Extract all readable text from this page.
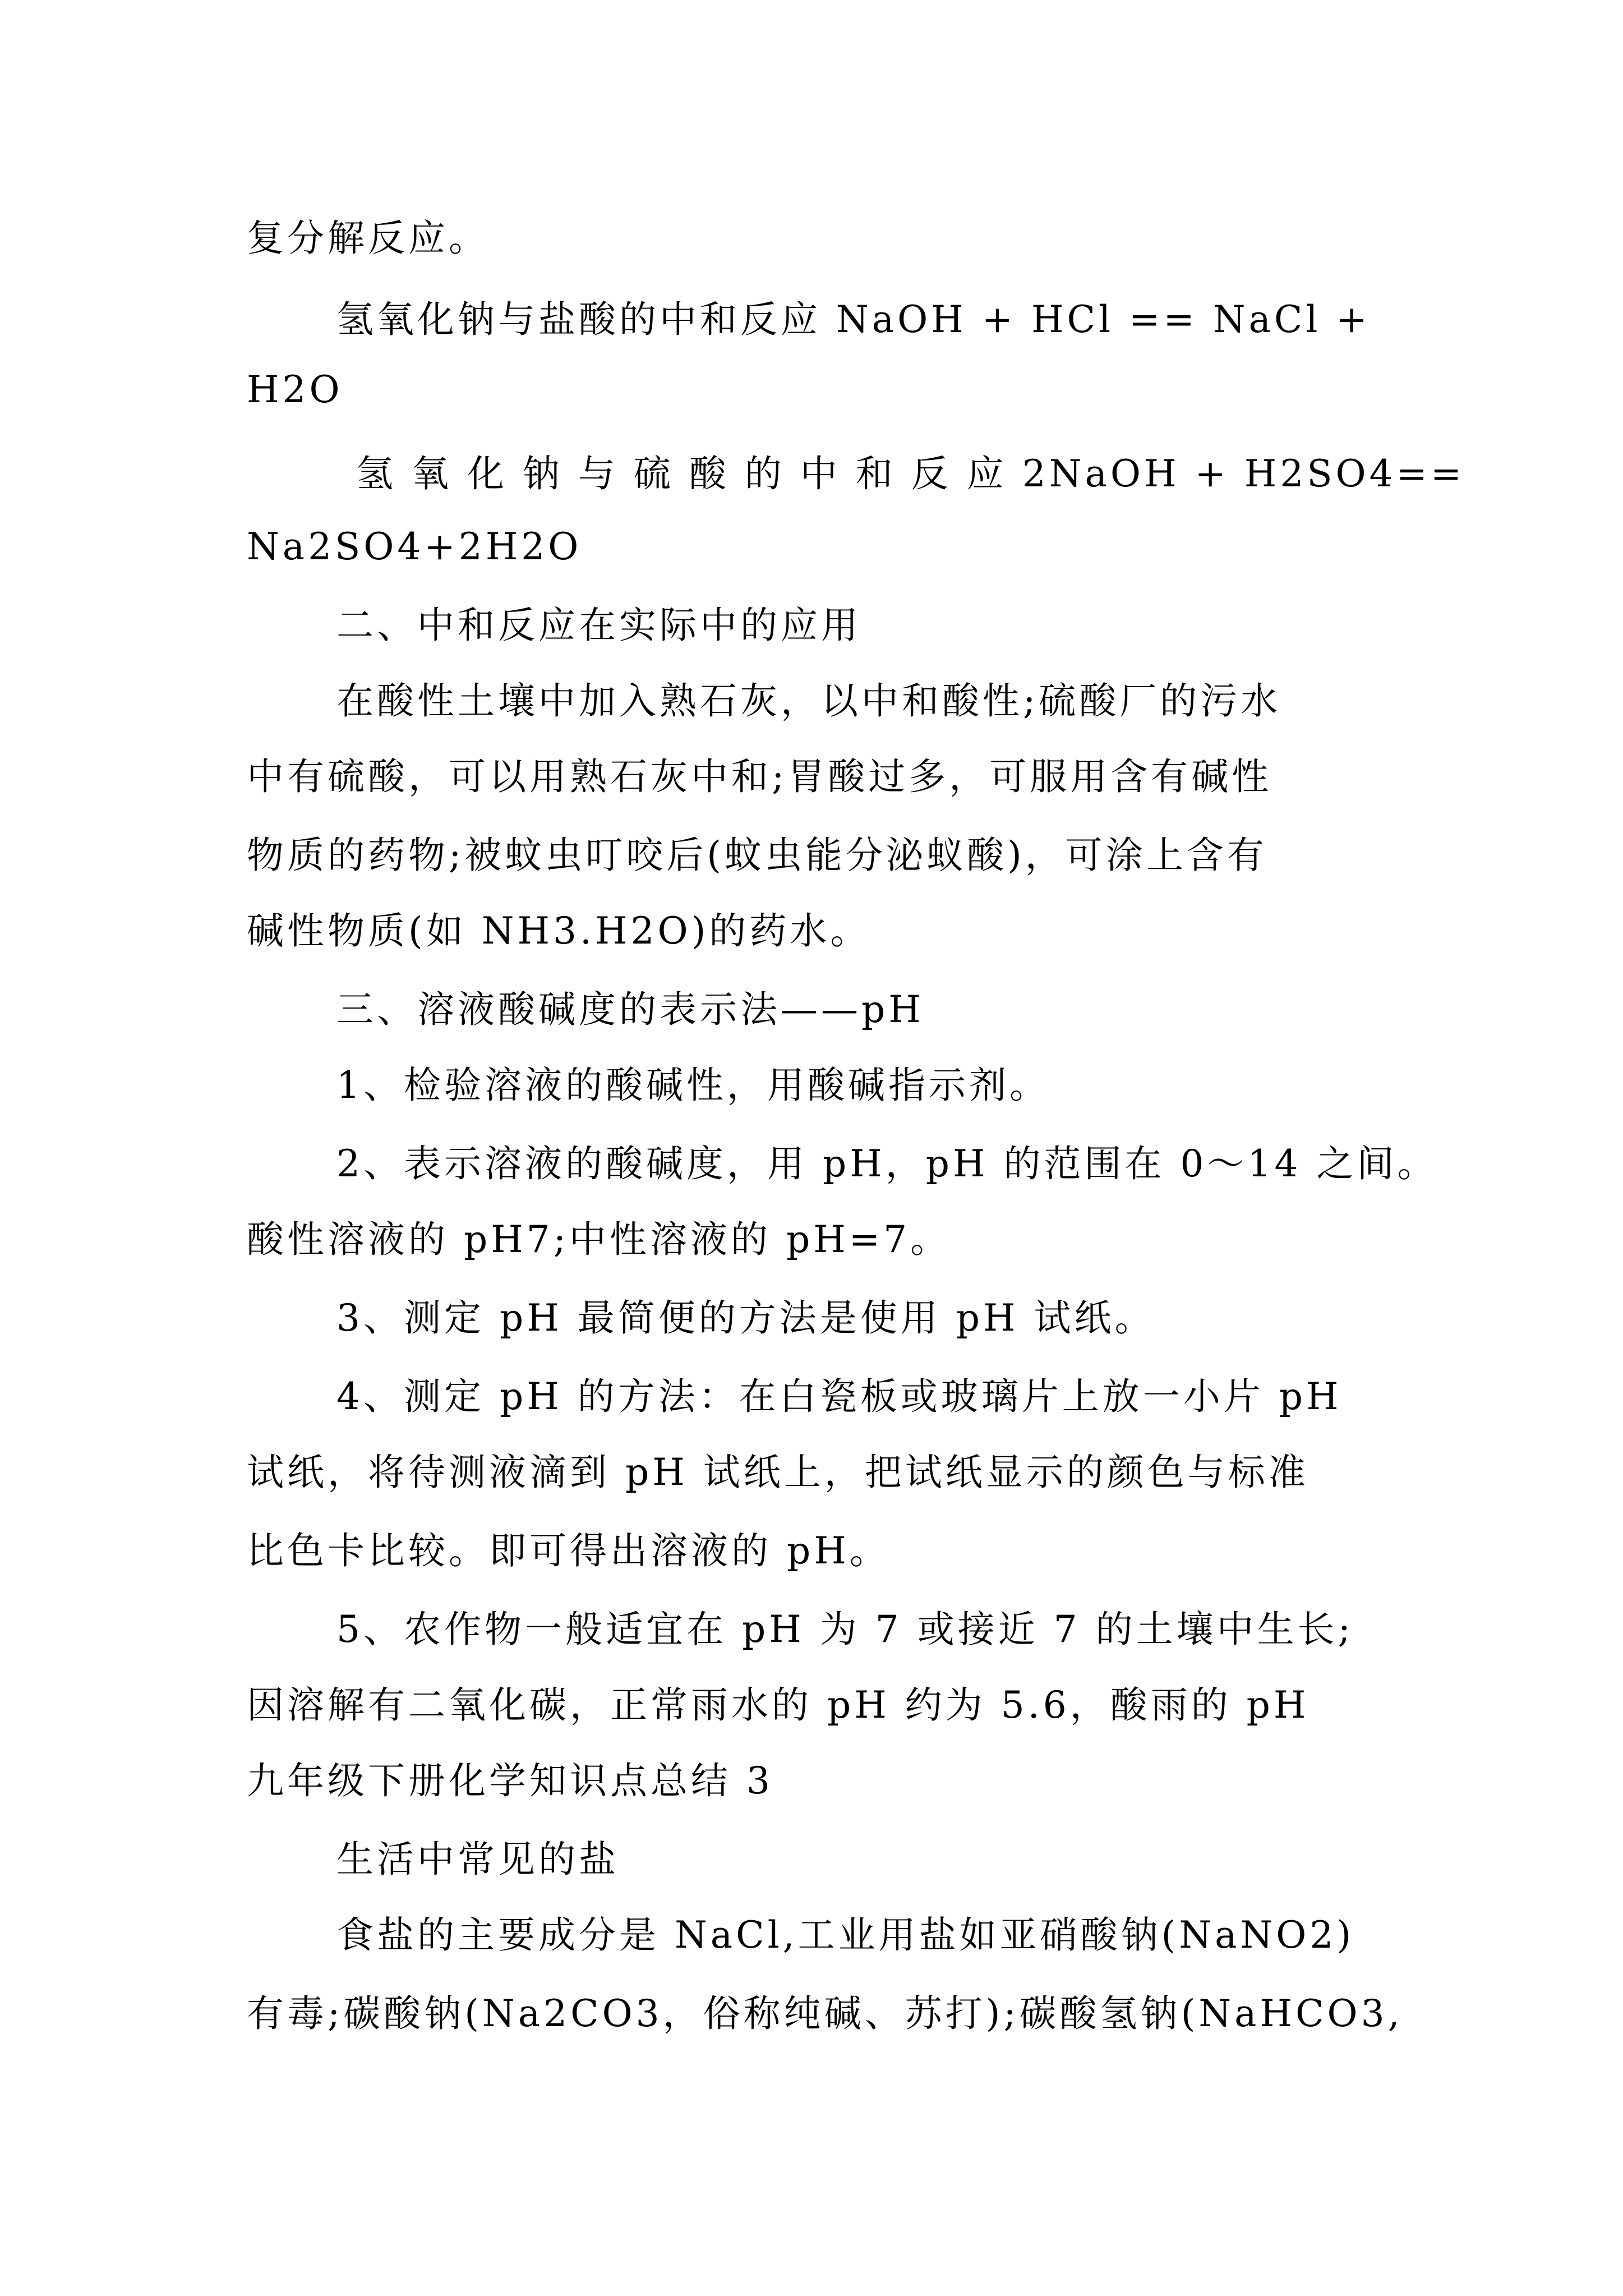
复分解反应。
氢氧化钠与盐酸的中和反应 NaOH + HCl == NaCl +
H2O
氢 氧 化 钠 与 硫 酸 的 中 和 反 应 2NaOH + H2SO4==
Na2SO4+2H2O
二、中和反应在实际中的应用
在酸性土壤中加入熟石灰，以中和酸性;硫酸厂的污水
中有硫酸，可以用熟石灰中和;胃酸过多，可服用含有碱性
物质的药物;被蚊虫叮咬后(蚊虫能分泌蚁酸)，可涂上含有
碱性物质(如 NH3.H2O)的药水。
三、溶液酸碱度的表示法——pH
1、检验溶液的酸碱性，用酸碱指示剂。
2、表示溶液的酸碱度，用 pH，pH 的范围在 0～14 之间。
酸性溶液的 pH7;中性溶液的 pH=7。
3、测定 pH 最简便的方法是使用 pH 试纸。
4、测定 pH 的方法：在白瓷板或玻璃片上放一小片 pH
试纸，将待测液滴到 pH 试纸上，把试纸显示的颜色与标准
比色卡比较。即可得出溶液的 pH。
5、农作物一般适宜在 pH 为 7 或接近 7 的土壤中生长;
因溶解有二氧化碳，正常雨水的 pH 约为 5.6，酸雨的 pH
九年级下册化学知识点总结 3
生活中常见的盐
食盐的主要成分是 NaCl,工业用盐如亚硝酸钠(NaNO2)
有毒;碳酸钠(Na2CO3，俗称纯碱、苏打);碳酸氢钠(NaHCO3,
